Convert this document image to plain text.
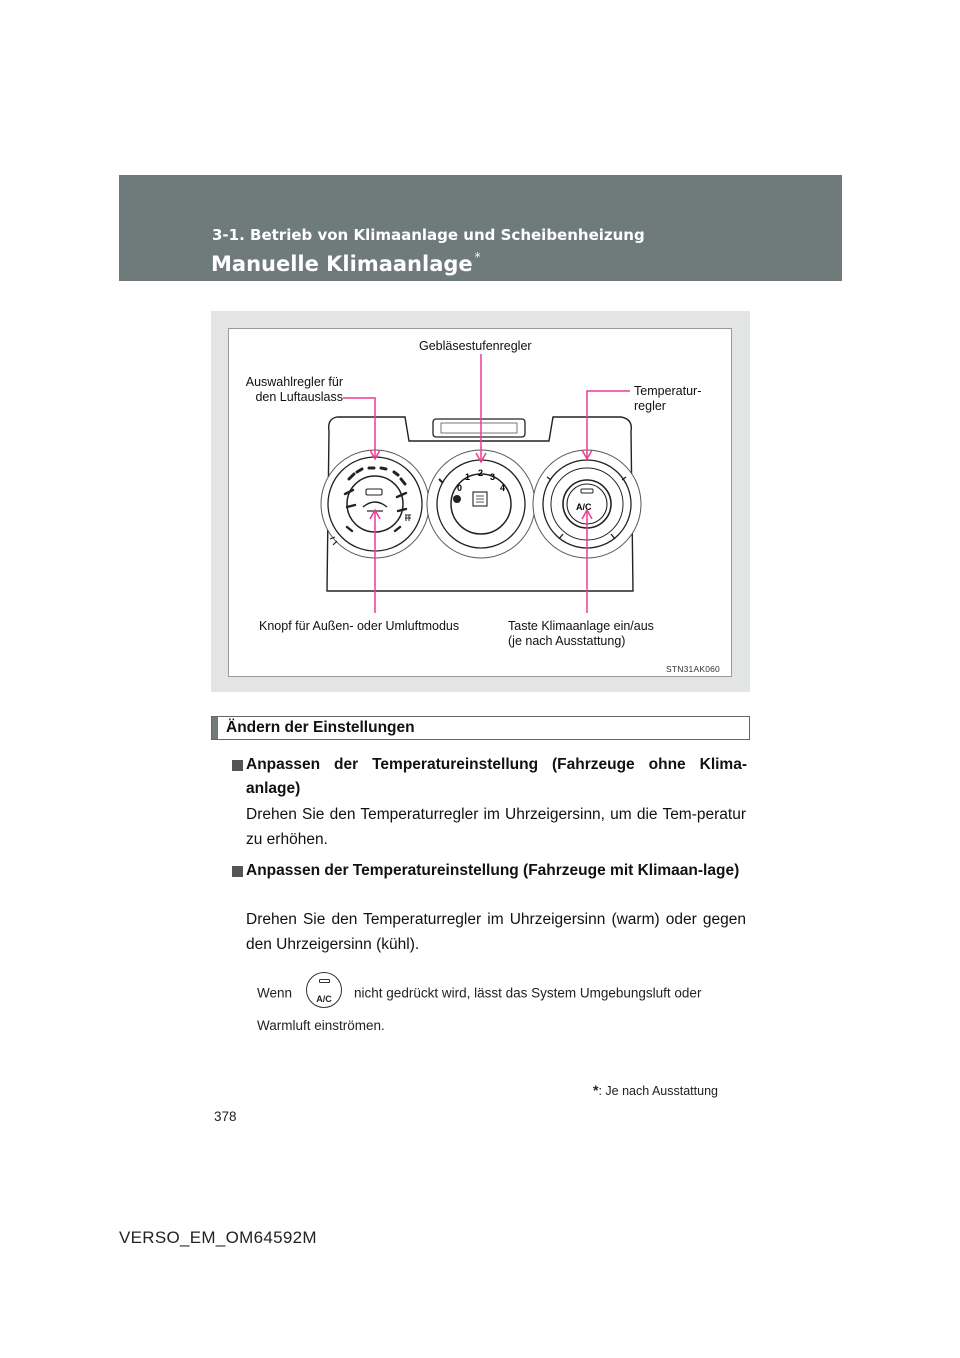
3-1. Betrieb von Klimaanlage und Scheibenheizung
Manuelle Klimaanlage *
0
1 2 3
4
A/C
Gebläsestufenregler
Auswahlregler für
den Luftauslass	Temperatur-
regler
Knopf für Außen- oder Umluftmodus	Taste Klimaanlage ein/aus
(je nach Ausstattung)
STN31AK060
Ändern der Einstellungen
Anpassen der Temperatureinstellung (Fahrzeuge ohne Klima-anlage)
Drehen Sie den Temperaturregler im Uhrzeigersinn, um die Tem-peratur zu erhöhen.
Anpassen der Temperatureinstellung (Fahrzeuge mit Klimaan-lage)
Drehen Sie den Temperaturregler im Uhrzeigersinn (warm) oder gegen den Uhrzeigersinn (kühl).
Wenn	A/C	nicht gedrückt wird, lässt das System Umgebungsluft oder Warmluft einströmen.
*: Je nach Ausstattung
378
VERSO_EM_OM64592M
carmanualsonline.info
